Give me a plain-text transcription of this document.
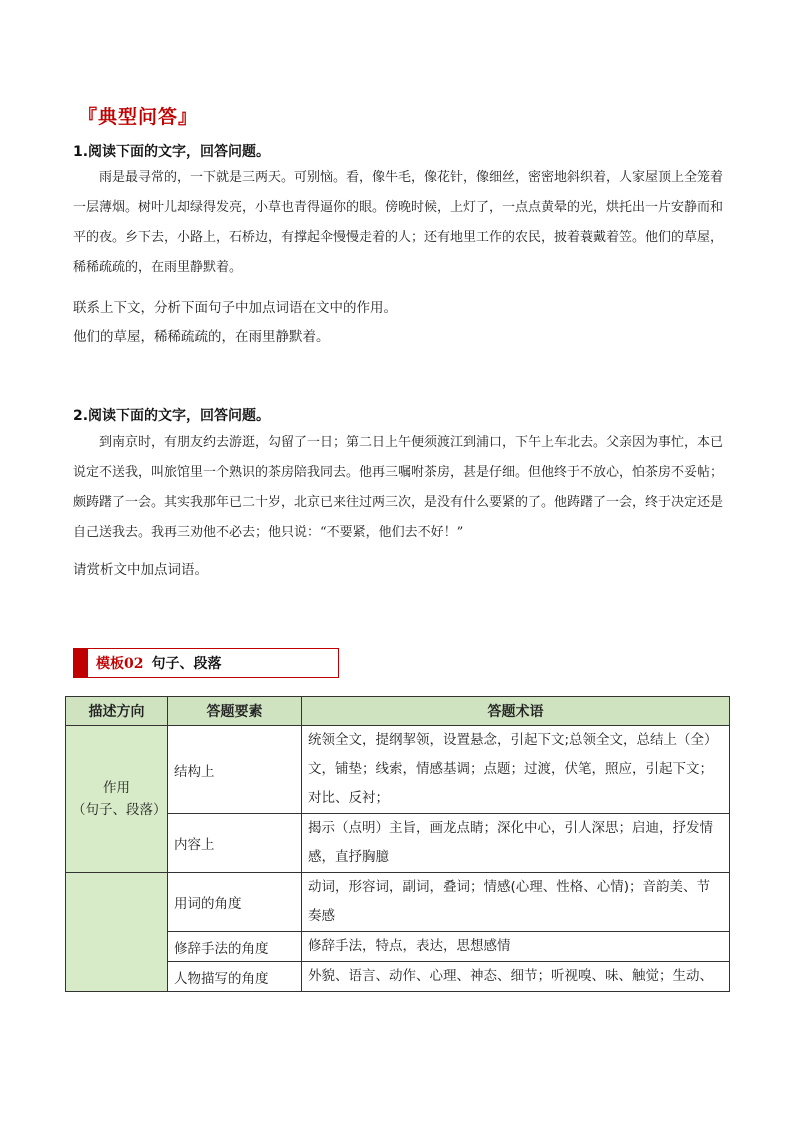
『典型问答』
1.阅读下面的文字，回答问题。
雨是最寻常的，一下就是三两天。可别恼。看，像牛毛，像花针，像细丝，密密地斜织着，人家屋顶上全笼着一层薄烟。树叶儿却绿得发亮，小草也青得逼你的眼。傍晚时候，上灯了，一点点黄晕的光，烘托出一片安静而和平的夜。乡下去，小路上，石桥边，有撑起伞慢慢走着的人；还有地里工作的农民，披着蓑戴着笠。他们的草屋，稀稀疏疏的，在雨里静默着。
联系上下文，分析下面句子中加点词语在文中的作用。
他们的草屋，稀稀疏疏的，在雨里静默着。
2.阅读下面的文字，回答问题。
到南京时，有朋友约去游逛，勾留了一日；第二日上午便须渡江到浦口，下午上车北去。父亲因为事忙，本已说定不送我，叫旅馆里一个熟识的茶房陪我同去。他再三嘱咐茶房，甚是仔细。但他终于不放心，怕茶房不妥帖；颇踌躇了一会。其实我那年已二十岁，北京已来往过两三次，是没有什么要紧的了。他踌躇了一会，终于决定还是自己送我去。我再三劝他不必去；他只说：“不要紧，他们去不好！”
请赏析文中加点词语。
模板02 句子、段落
描述方向	答题要素	答题术语

作用
（句子、段落）	结构上	统领全文，提纲挈领，设置悬念，引起下文;总领全文，总结上（全）文，铺垫；线索，情感基调；点题；过渡，伏笔，照应，引起下文；对比、反衬；
	内容上	揭示（点明）主旨，画龙点睛；深化中心，引人深思；启迪，抒发情感，直抒胸臆
	用词的角度	动词，形容词，副词，叠词；情感(心理、性格、心情)；音韵美、节奏感
	修辞手法的角度	修辞手法，特点，表达，思想感情
	人物描写的角度	外貌、语言、动作、心理、神态、细节；听视嗅、味、触觉；生动、
